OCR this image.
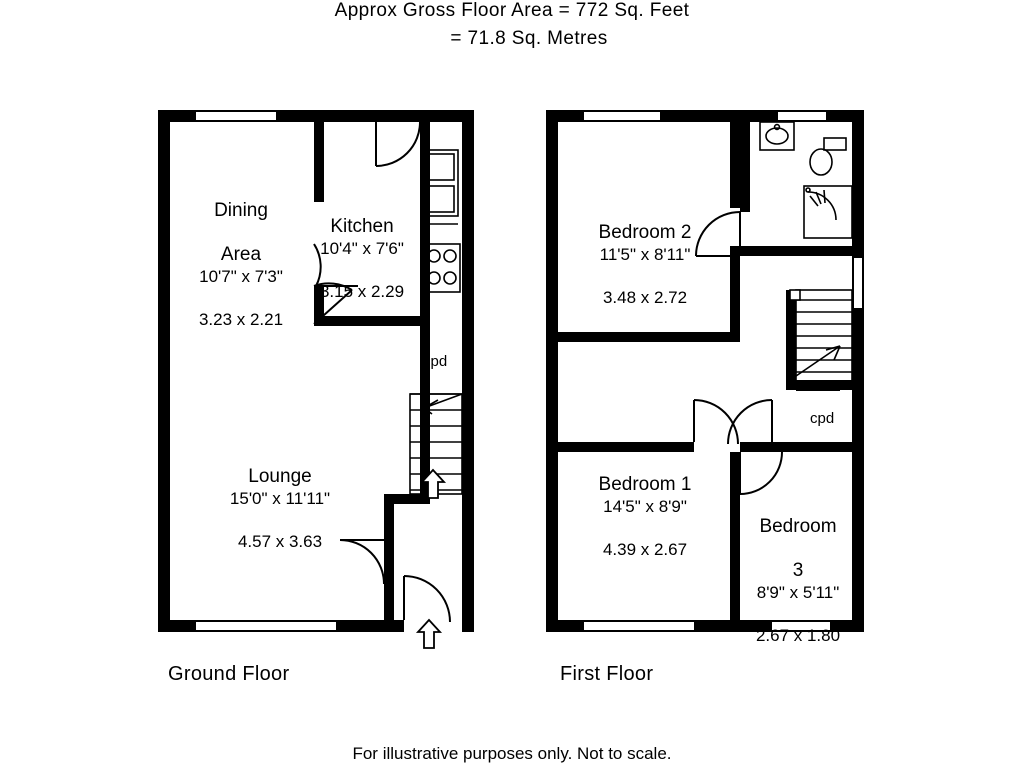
Approx Gross Floor Area = 772 Sq. Feet
= 71.8 Sq. Metres

Dining

Area

10'7" x 7'3"

3.23 x 2.21

Kitchen

10'4" x 7'6"

3.15 x 2.29

Lounge

15'0" x 11'11"

4.57 x 3.63

cpd
Ground Floor

Bedroom 2

11'5" x 8'11"

3.48 x 2.72

Bedroom 1

14'5" x 8'9"

4.39 x 2.67

Bedroom

3

8'9" x 5'11"

2.67 x 1.80

cpd
First Floor
For illustrative purposes only. Not to scale.
